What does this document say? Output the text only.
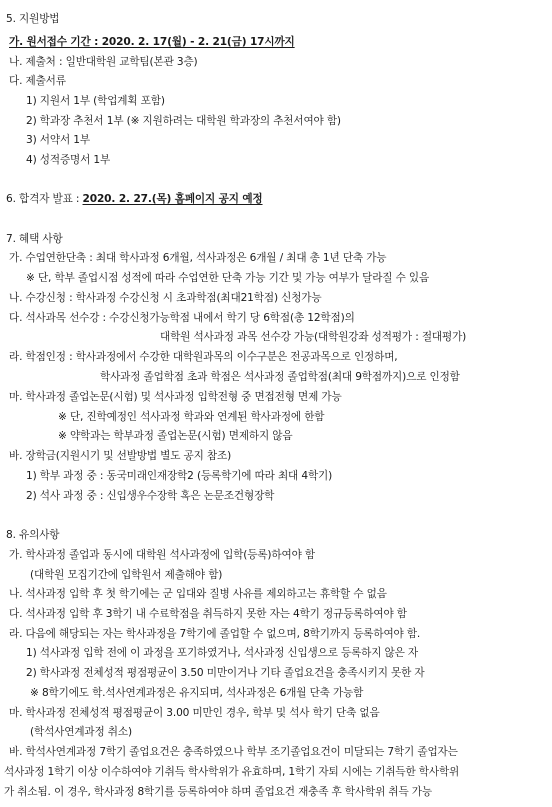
5. 지원방법
가. 원서접수 기간 : 2020. 2. 17(월) - 2. 21(금) 17시까지
나. 제출처 : 일반대학원 교학팀(본관 3층)
다. 제출서류
1) 지원서 1부 (학업계획 포함)
2) 학과장 추천서 1부 (※ 지원하려는 대학원 학과장의 추천서여야 함)
3) 서약서 1부
4) 성적증명서 1부
6. 합격자 발표 : 2020. 2. 27.(목) 홈페이지 공지 예정
7. 혜택 사항
가. 수업연한단축 : 최대 학사과정 6개월, 석사과정은 6개월 / 최대 총 1년 단축 가능
※ 단, 학부 졸업시점 성적에 따라 수업연한 단축 가능 기간 및 가능 여부가 달라질 수 있음
나. 수강신청 : 학사과정 수강신청 시 초과학점(최대21학점) 신청가능
다. 석사과목 선수강 : 수강신청가능학점 내에서 학기 당 6학점(총 12학점)의
대학원 석사과정 과목 선수강 가능(대학원강좌 성적평가 : 절대평가)
라. 학점인정 : 학사과정에서 수강한 대학원과목의 이수구분은 전공과목으로 인정하며,
학사과정 졸업학점 초과 학점은 석사과정 졸업학점(최대 9학점까지)으로 인정함
마. 학사과정 졸업논문(시험) 및 석사과정 입학전형 중 면접전형 면제 가능
※ 단, 진학예정인 석사과정 학과와 연계된 학사과정에 한함
※ 약학과는 학부과정 졸업논문(시험) 면제하지 않음
바. 장학금(지원시기 및 선발방법 별도 공지 참조)
1) 학부 과정 중 : 동국미래인재장학2 (등록학기에 따라 최대 4학기)
2) 석사 과정 중 : 신입생우수장학 혹은 논문조건형장학
8. 유의사항
가. 학사과정 졸업과 동시에 대학원 석사과정에 입학(등록)하여야 함
(대학원 모집기간에 입학원서 제출해야 함)
나. 석사과정 입학 후 첫 학기에는 군 입대와 질병 사유를 제외하고는 휴학할 수 없음
다. 석사과정 입학 후 3학기 내 수료학점을 취득하지 못한 자는 4학기 정규등록하여야 함
라. 다음에 해당되는 자는 학사과정을 7학기에 졸업할 수 없으며, 8학기까지 등록하여야 함.
1) 석사과정 입학 전에 이 과정을 포기하였거나, 석사과정 신입생으로 등록하지 않은 자
2) 학사과정 전체성적 평점평균이 3.50 미만이거나 기타 졸업요건을 충족시키지 못한 자
※ 8학기에도 학.석사연계과정은 유지되며, 석사과정은 6개월 단축 가능함
마. 학사과정 전체성적 평점평균이 3.00 미만인 경우, 학부 및 석사 학기 단축 없음
(학석사연계과정 취소)
바. 학석사연계과정 7학기 졸업요건은 충족하였으나 학부 조기졸업요건이 미달되는 7학기 졸업자는
석사과정 1학기 이상 이수하여야 기취득 학사학위가 유효하며, 1학기 자퇴 시에는 기취득한 학사학위
가 취소됨. 이 경우, 학사과정 8학기를 등록하여야 하며 졸업요건 재충족 후 학사학위 취득 가능
